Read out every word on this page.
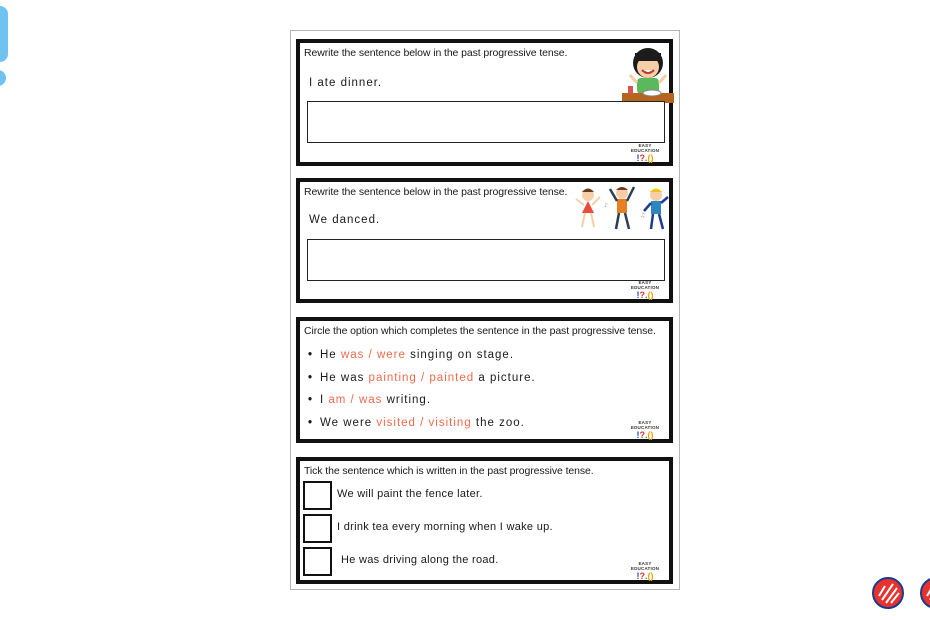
Rewrite the sentence below in the past progressive tense.
I ate dinner.
EASY EDUCATION
!?.()
Rewrite the sentence below in the past progressive tense.
We danced.
♪
♫
EASY EDUCATION
!?.()
Circle the option which completes the sentence in the past progressive tense.
• He was / were singing on stage.
• He was painting / painted a picture.
• I am / was writing.
• We were visited / visiting the zoo.	EASY EDUCATION
!?.()
Tick the sentence which is written in the past progressive tense.
We will paint the fence later.
I drink tea every morning when I wake up.
He was driving along the road.	EASY EDUCATION
!?.()
